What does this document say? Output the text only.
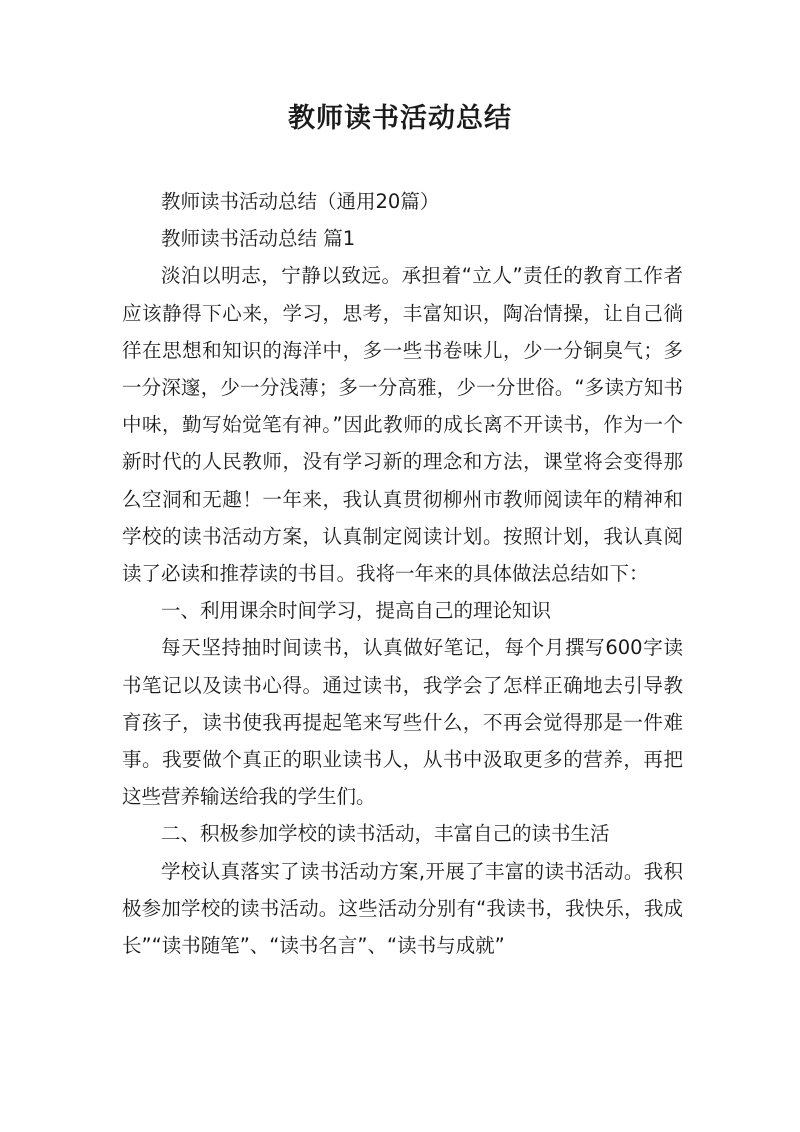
教师读书活动总结

教师读书活动总结（通用20篇）

教师读书活动总结 篇1

淡泊以明志，宁静以致远。承担着“立人”责任的教育工作者应该静得下心来，学习，思考，丰富知识，陶冶情操，让自己徜徉在思想和知识的海洋中，多一些书卷味儿，少一分铜臭气；多一分深邃，少一分浅薄；多一分高雅，少一分世俗。“多读方知书中味，勤写始觉笔有神。”因此教师的成长离不开读书，作为一个新时代的人民教师，没有学习新的理念和方法，课堂将会变得那么空洞和无趣！一年来，我认真贯彻柳州市教师阅读年的精神和学校的读书活动方案，认真制定阅读计划。按照计划，我认真阅读了必读和推荐读的书目。我将一年来的具体做法总结如下：

一、利用课余时间学习，提高自己的理论知识

每天坚持抽时间读书，认真做好笔记，每个月撰写600字读书笔记以及读书心得。通过读书，我学会了怎样正确地去引导教育孩子，读书使我再提起笔来写些什么，不再会觉得那是一件难事。我要做个真正的职业读书人，从书中汲取更多的营养，再把这些营养输送给我的学生们。

二、积极参加学校的读书活动，丰富自己的读书生活

学校认真落实了读书活动方案,开展了丰富的读书活动。我积极参加学校的读书活动。这些活动分别有“我读书，我快乐，我成长”“读书随笔”、“读书名言”、“读书与成就”
